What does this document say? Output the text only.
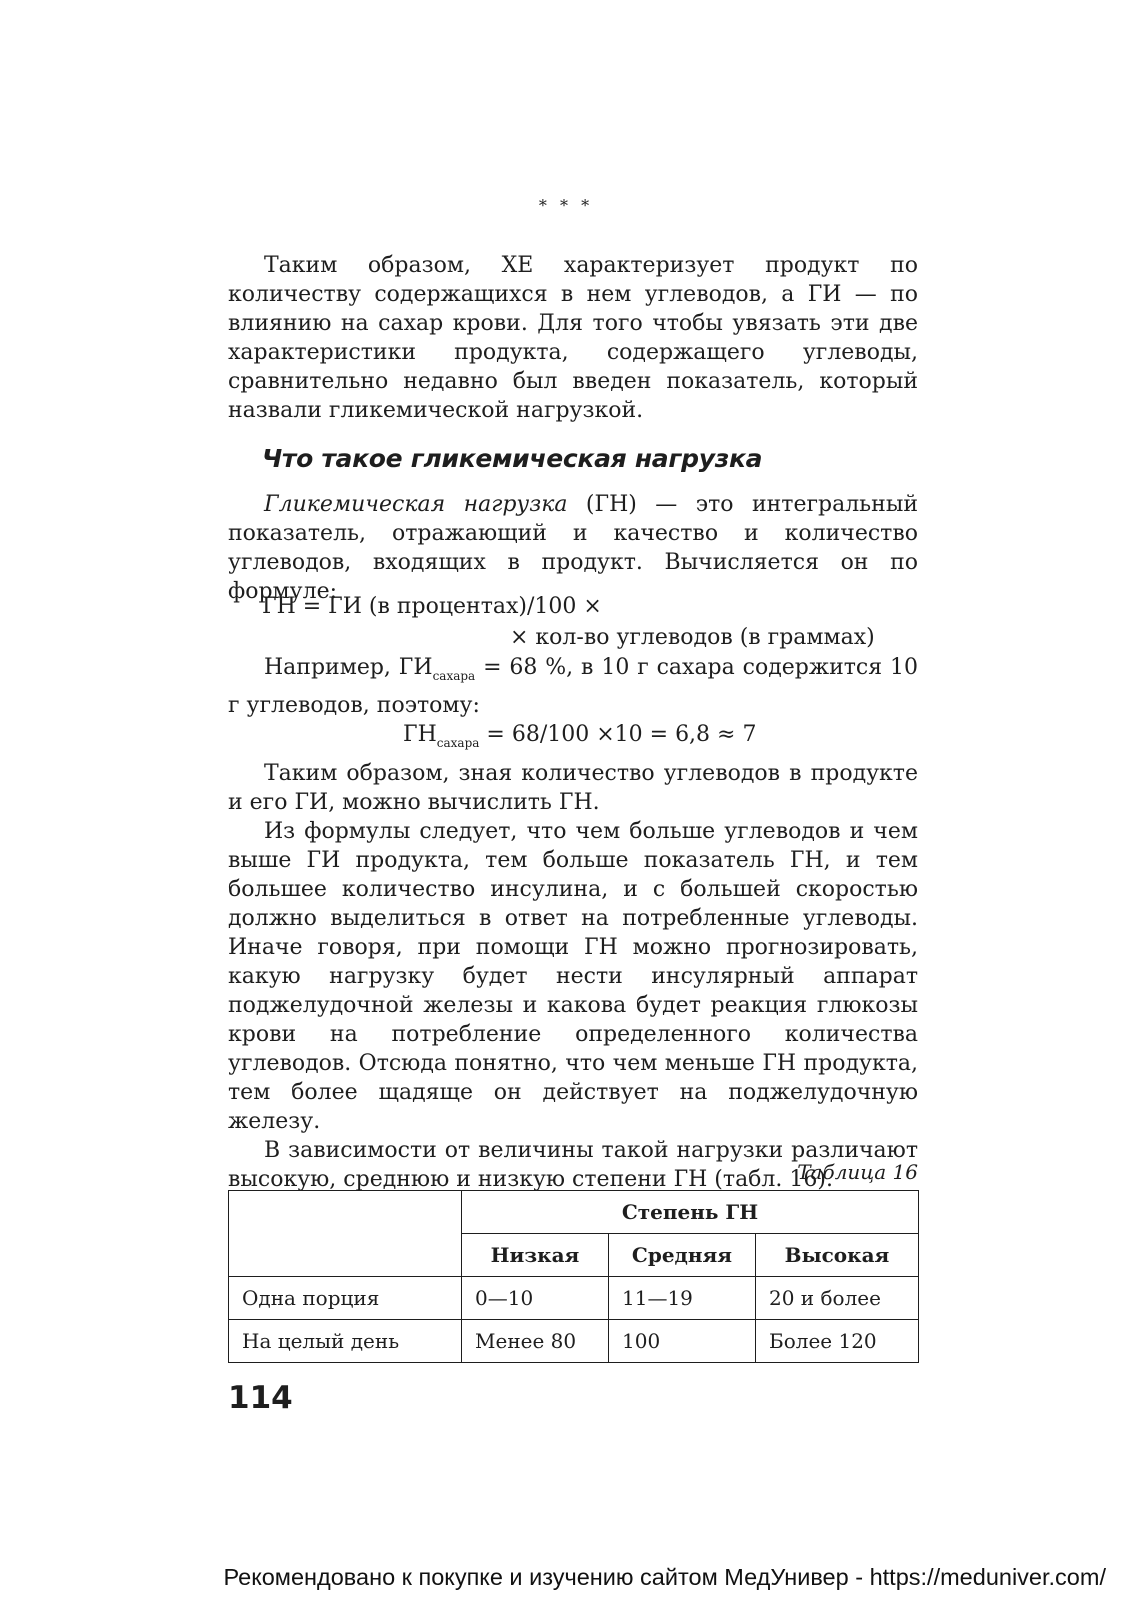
* * *

Таким образом, ХЕ характеризует продукт по количеству содержащихся в нем углеводов, а ГИ — по влиянию на сахар крови. Для того чтобы увязать эти две характеристики продукта, содержащего углеводы, сравнительно недавно был введен показатель, который назвали гликемической нагрузкой.

Что такое гликемическая нагрузка

Гликемическая нагрузка (ГН) — это интегральный показатель, отражающий и качество и количество углеводов, входящих в продукт. Вычисляется он по формуле:

ГН = ГИ (в процентах)/100 ×
× кол-во углеводов (в граммах)

Например, $ГИ_{сахара} = 68$ %, в 10 г сахара содержится 10 г углеводов, поэтому:

$ГН_{сахара} = 68/100 \times 10 = 6,8 \approx 7$

Таким образом, зная количество углеводов в продукте и его ГИ, можно вычислить ГН.

Из формулы следует, что чем больше углеводов и чем выше ГИ продукта, тем больше показатель ГН, и тем большее количество инсулина, и с большей скоростью должно выделиться в ответ на потребленные углеводы. Иначе говоря, при помощи ГН можно прогнозировать, какую нагрузку будет нести инсулярный аппарат поджелудочной железы и какова будет реакция глюкозы крови на потребление определенного количества углеводов. Отсюда понятно, что чем меньше ГН продукта, тем более щадяще он действует на поджелудочную железу.

В зависимости от величины такой нагрузки различают высокую, среднюю и низкую степени ГН (табл. 16).

Таблица 16
	Степень ГН		
	Низкая	Средняя	Высокая
Одна порция	0—10	11—19	20 и более
На целый день	Менее 80	100	Более 120
114
Рекомендовано к покупке и изучению сайтом МедУнивер - https://meduniver.com/
